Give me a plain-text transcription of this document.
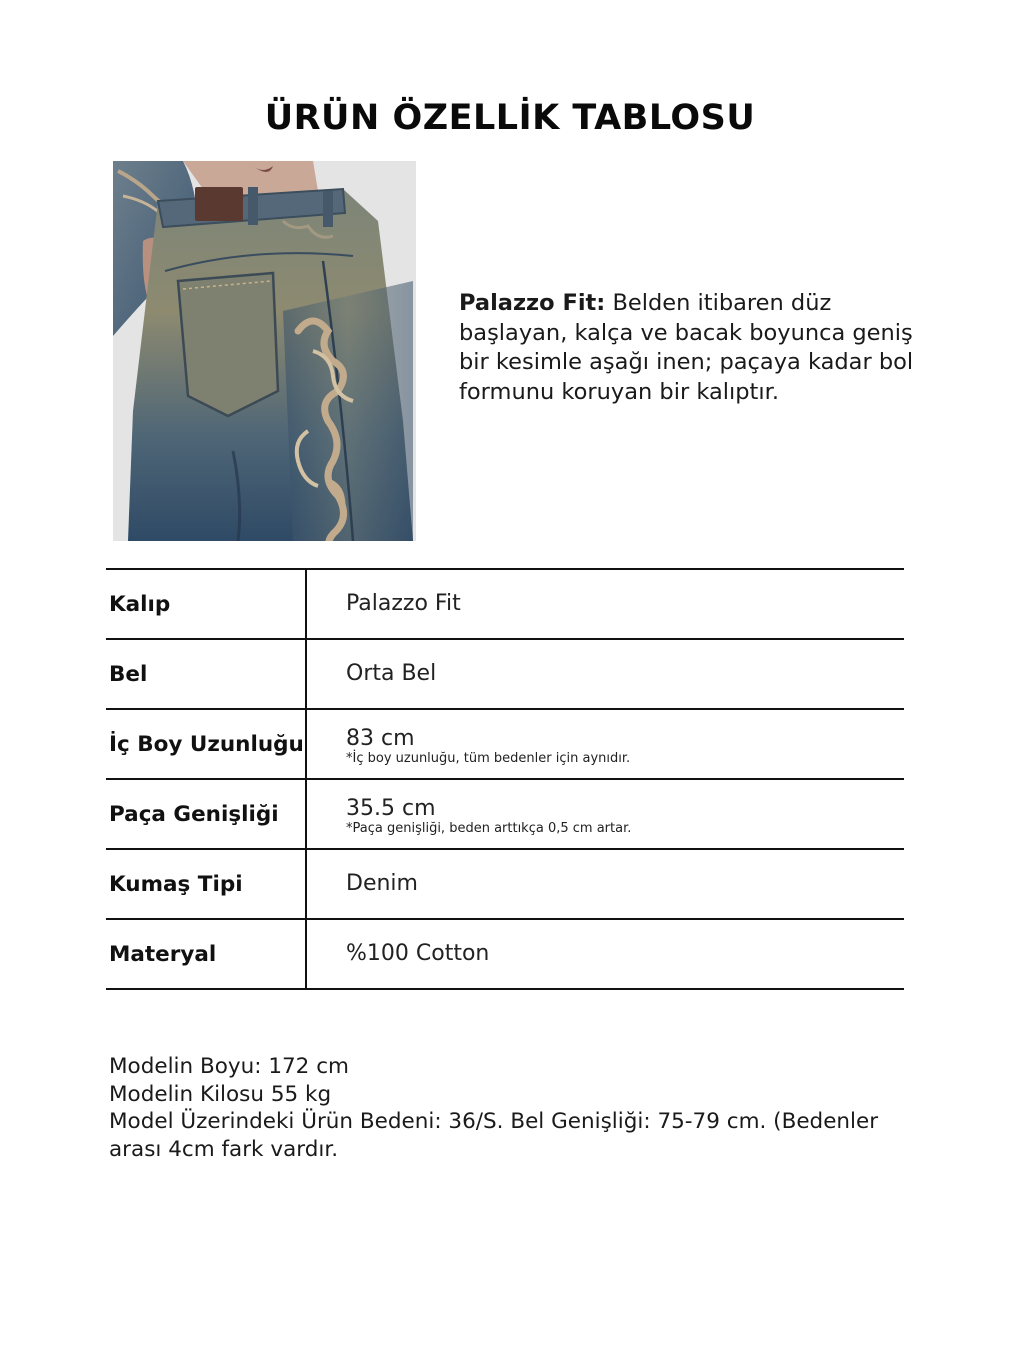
ÜRÜN ÖZELLİK TABLOSU
Palazzo Fit: Belden itibaren düz başlayan, kalça ve bacak boyunca geniş bir kesimle aşağı inen; paçaya kadar bol formunu koruyan bir kalıptır.
Kalıp	Palazzo Fit
Bel	Orta Bel
İç Boy Uzunluğu 83 cm
*İç boy uzunluğu, tüm bedenler için aynıdır.
Paça Genişliği	35.5 cm
*Paça genişliği, beden arttıkça 0,5 cm artar.
Kumaş Tipi	Denim
Materyal	%100 Cotton
Modelin Boyu: 172 cm
Modelin Kilosu 55 kg
Model Üzerindeki Ürün Bedeni: 36/S. Bel Genişliği: 75-79 cm. (Bedenler
arası 4cm fark vardır.
